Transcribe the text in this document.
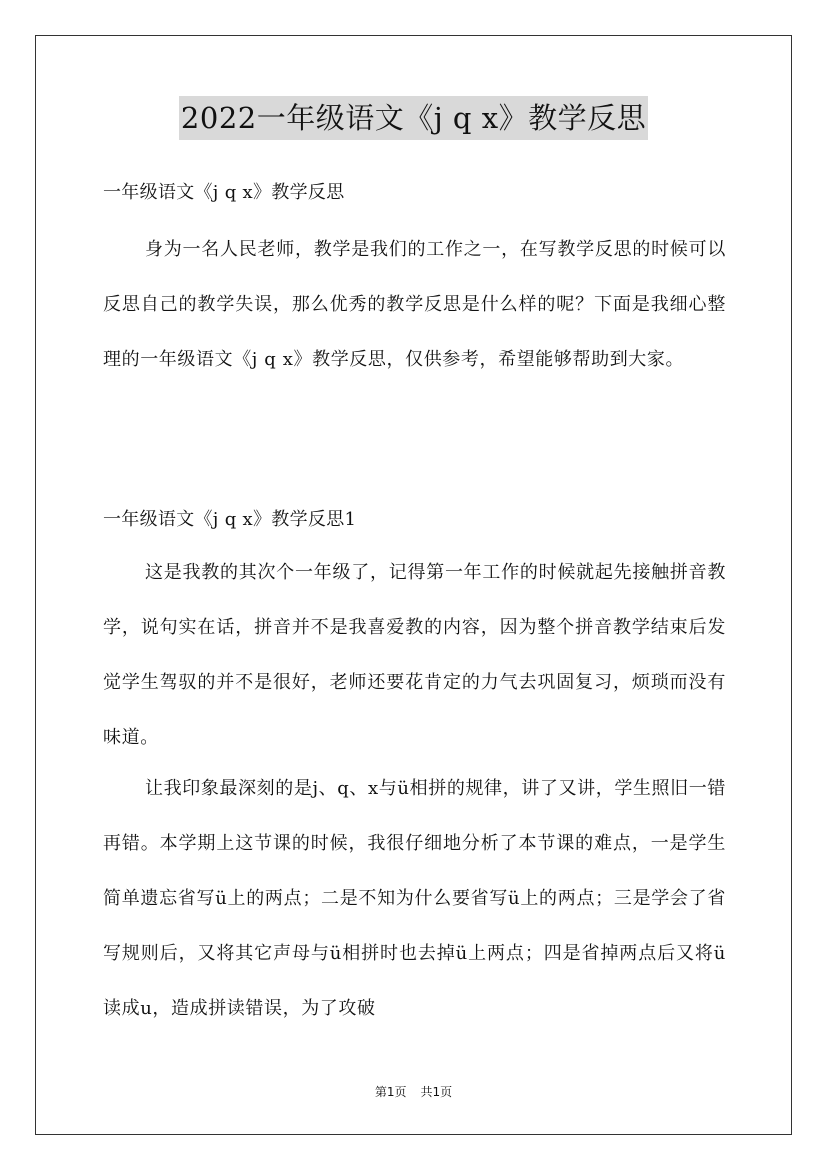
2022一年级语文《j q x》教学反思
一年级语文《j q x》教学反思

身为一名人民老师，教学是我们的工作之一，在写教学反思的时候可以反思自己的教学失误，那么优秀的教学反思是什么样的呢？下面是我细心整理的一年级语文《j q x》教学反思，仅供参考，希望能够帮助到大家。

一年级语文《j q x》教学反思1

这是我教的其次个一年级了，记得第一年工作的时候就起先接触拼音教学，说句实在话，拼音并不是我喜爱教的内容，因为整个拼音教学结束后发觉学生驾驭的并不是很好，老师还要花肯定的力气去巩固复习，烦琐而没有味道。

让我印象最深刻的是j、q、x与ü相拼的规律，讲了又讲，学生照旧一错再错。本学期上这节课的时候，我很仔细地分析了本节课的难点，一是学生简单遗忘省写ü上的两点；二是不知为什么要省写ü上的两点；三是学会了省写规则后，又将其它声母与ü相拼时也去掉ü上两点；四是省掉两点后又将ü读成u，造成拼读错误，为了攻破

第1页 共1页
